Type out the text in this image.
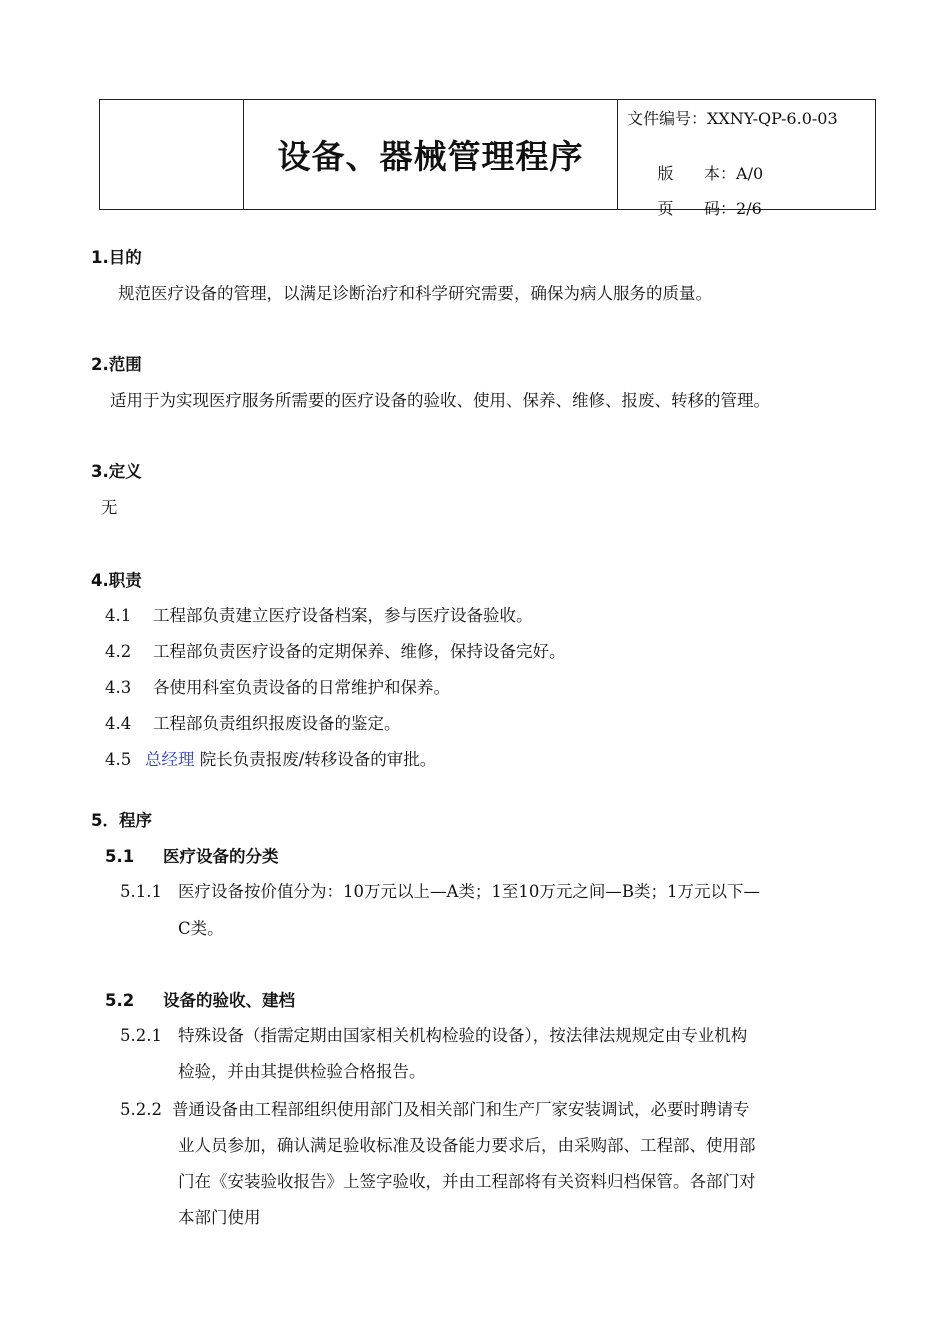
设备、器械管理程序
文件编号：XXNY-QP-6.0-03

版      本：A/0

页      码：2/6

1.目的
规范医疗设备的管理，以满足诊断治疗和科学研究需要，确保为病人服务的质量。
2.范围
适用于为实现医疗服务所需要的医疗设备的验收、使用、保养、维修、报废、转移的管理。
3.定义
无
4.职责
4.1 工程部负责建立医疗设备档案，参与医疗设备验收。
4.2 工程部负责医疗设备的定期保养、维修，保持设备完好。
4.3 各使用科室负责设备的日常维护和保养。
4.4 工程部负责组织报废设备的鉴定。
4.5 总经理 院长负责报废/转移设备的审批。
5．程序
5.1 医疗设备的分类
5.1.1 医疗设备按价值分为：10万元以上—A类；1至10万元之间—B类；1万元以下—
C类。
5.2 设备的验收、建档
5.2.1 特殊设备（指需定期由国家相关机构检验的设备），按法律法规规定由专业机构
检验，并由其提供检验合格报告。
5.2.2 普通设备由工程部组织使用部门及相关部门和生产厂家安装调试，必要时聘请专
业人员参加，确认满足验收标准及设备能力要求后，由采购部、工程部、使用部
门在《安装验收报告》上签字验收，并由工程部将有关资料归档保管。各部门对
本部门使用
